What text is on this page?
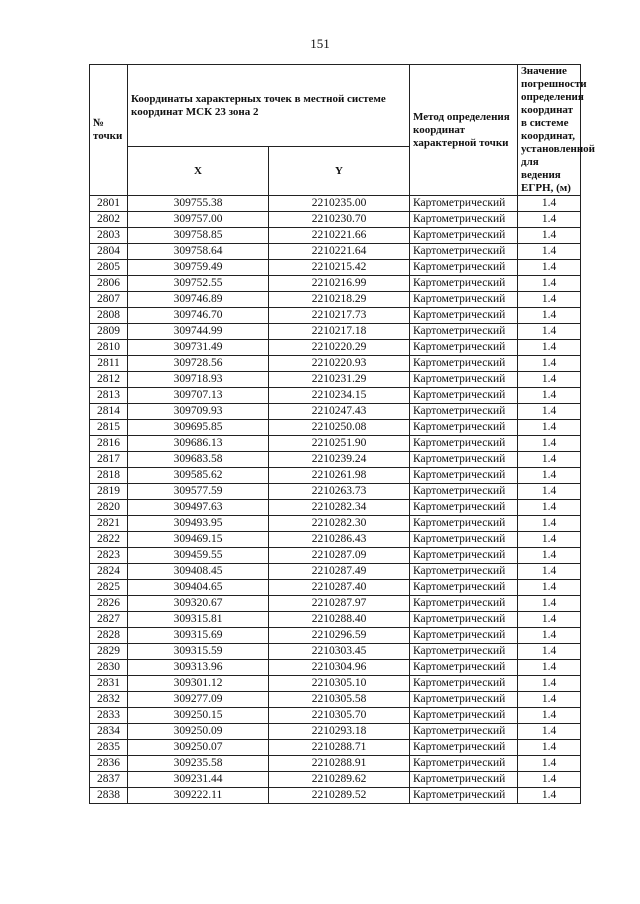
151
№ точки	Координаты характерных точек в местной системе координат МСК 23 зона 2		Метод определения координат характерной точки	Значение погрешности определения координат в системе координат, установленной для ведения ЕГРН, (м)
	X	Y		
2801	309755.38	2210235.00	Картометрический	1.4
2802	309757.00	2210230.70	Картометрический	1.4
2803	309758.85	2210221.66	Картометрический	1.4
2804	309758.64	2210221.64	Картометрический	1.4
2805	309759.49	2210215.42	Картометрический	1.4
2806	309752.55	2210216.99	Картометрический	1.4
2807	309746.89	2210218.29	Картометрический	1.4
2808	309746.70	2210217.73	Картометрический	1.4
2809	309744.99	2210217.18	Картометрический	1.4
2810	309731.49	2210220.29	Картометрический	1.4
2811	309728.56	2210220.93	Картометрический	1.4
2812	309718.93	2210231.29	Картометрический	1.4
2813	309707.13	2210234.15	Картометрический	1.4
2814	309709.93	2210247.43	Картометрический	1.4
2815	309695.85	2210250.08	Картометрический	1.4
2816	309686.13	2210251.90	Картометрический	1.4
2817	309683.58	2210239.24	Картометрический	1.4
2818	309585.62	2210261.98	Картометрический	1.4
2819	309577.59	2210263.73	Картометрический	1.4
2820	309497.63	2210282.34	Картометрический	1.4
2821	309493.95	2210282.30	Картометрический	1.4
2822	309469.15	2210286.43	Картометрический	1.4
2823	309459.55	2210287.09	Картометрический	1.4
2824	309408.45	2210287.49	Картометрический	1.4
2825	309404.65	2210287.40	Картометрический	1.4
2826	309320.67	2210287.97	Картометрический	1.4
2827	309315.81	2210288.40	Картометрический	1.4
2828	309315.69	2210296.59	Картометрический	1.4
2829	309315.59	2210303.45	Картометрический	1.4
2830	309313.96	2210304.96	Картометрический	1.4
2831	309301.12	2210305.10	Картометрический	1.4
2832	309277.09	2210305.58	Картометрический	1.4
2833	309250.15	2210305.70	Картометрический	1.4
2834	309250.09	2210293.18	Картометрический	1.4
2835	309250.07	2210288.71	Картометрический	1.4
2836	309235.58	2210288.91	Картометрический	1.4
2837	309231.44	2210289.62	Картометрический	1.4
2838	309222.11	2210289.52	Картометрический	1.4
